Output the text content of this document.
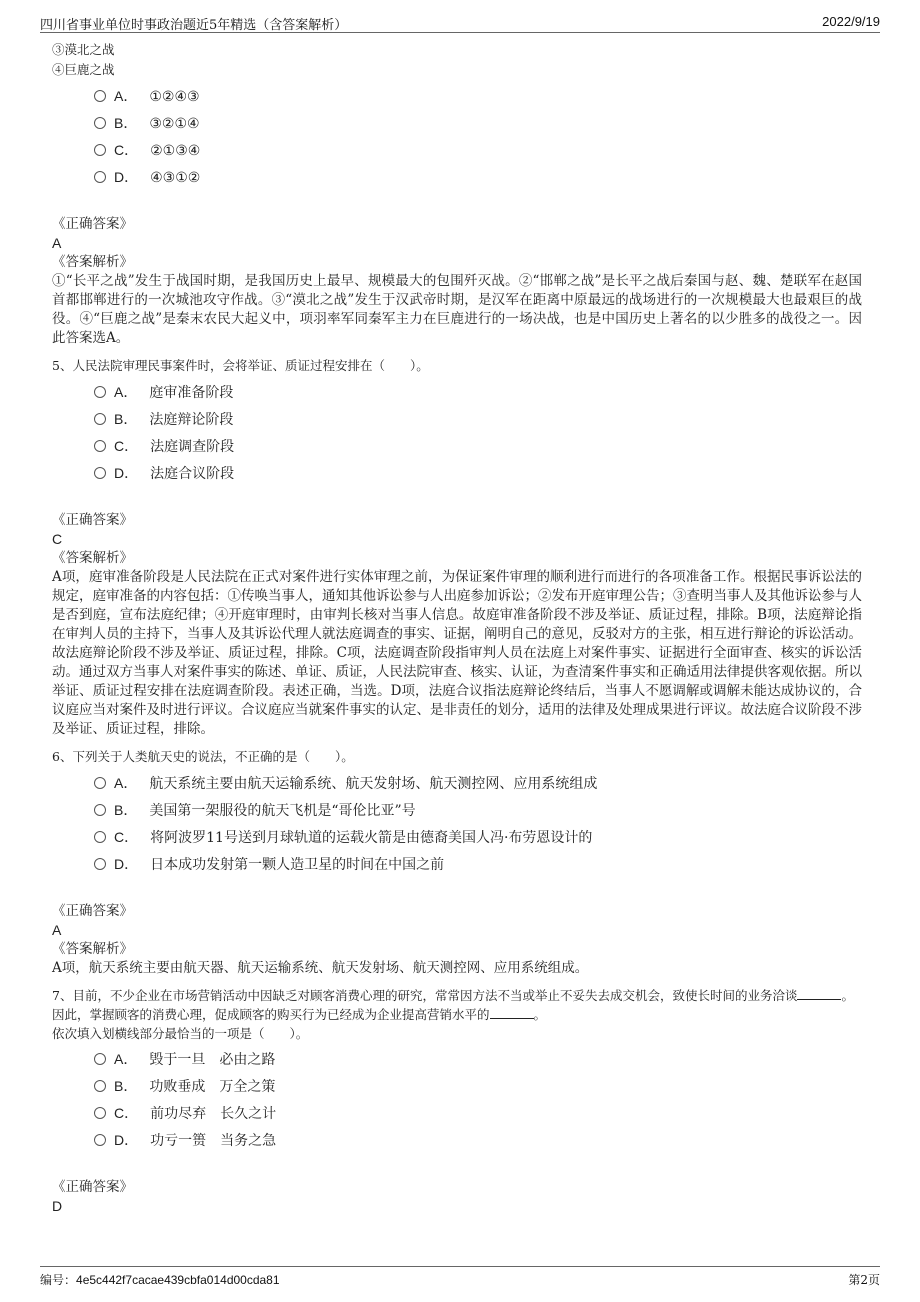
四川省事业单位时事政治题近5年精选（含答案解析）	2022/9/19
③漠北之战
④巨鹿之战
A． ①②④③
B． ③②①④
C． ②①③④
D． ④③①②
《正确答案》
A
《答案解析》
①“长平之战”发生于战国时期，是我国历史上最早、规模最大的包围歼灭战。②“邯郸之战”是长平之战后秦国与赵、魏、楚联军在赵国首都邯郸进行的一次城池攻守作战。③“漠北之战”发生于汉武帝时期，是汉军在距离中原最远的战场进行的一次规模最大也最艰巨的战役。④“巨鹿之战”是秦末农民大起义中，项羽率军同秦军主力在巨鹿进行的一场决战，也是中国历史上著名的以少胜多的战役之一。因此答案选A。
5、人民法院审理民事案件时，会将举证、质证过程安排在（　　）。
A． 庭审准备阶段
B． 法庭辩论阶段
C． 法庭调查阶段
D． 法庭合议阶段
《正确答案》
C
《答案解析》
A项，庭审准备阶段是人民法院在正式对案件进行实体审理之前，为保证案件审理的顺利进行而进行的各项准备工作。根据民事诉讼法的规定，庭审准备的内容包括：①传唤当事人，通知其他诉讼参与人出庭参加诉讼；②发布开庭审理公告；③查明当事人及其他诉讼参与人是否到庭，宣布法庭纪律；④开庭审理时，由审判长核对当事人信息。故庭审准备阶段不涉及举证、质证过程，排除。B项，法庭辩论指在审判人员的主持下，当事人及其诉讼代理人就法庭调查的事实、证据，阐明自己的意见，反驳对方的主张，相互进行辩论的诉讼活动。故法庭辩论阶段不涉及举证、质证过程，排除。C项，法庭调查阶段指审判人员在法庭上对案件事实、证据进行全面审查、核实的诉讼活动。通过双方当事人对案件事实的陈述、单证、质证，人民法院审查、核实、认证，为查清案件事实和正确适用法律提供客观依据。所以举证、质证过程安排在法庭调查阶段。表述正确，当选。D项，法庭合议指法庭辩论终结后，当事人不愿调解或调解未能达成协议的，合议庭应当对案件及时进行评议。合议庭应当就案件事实的认定、是非责任的划分，适用的法律及处理成果进行评议。故法庭合议阶段不涉及举证、质证过程，排除。
6、下列关于人类航天史的说法，不正确的是（　　）。
A． 航天系统主要由航天运输系统、航天发射场、航天测控网、应用系统组成
B． 美国第一架服役的航天飞机是“哥伦比亚”号
C． 将阿波罗11号送到月球轨道的运载火箭是由德裔美国人冯·布劳恩设计的
D． 日本成功发射第一颗人造卫星的时间在中国之前
《正确答案》
A
《答案解析》
A项，航天系统主要由航天器、航天运输系统、航天发射场、航天测控网、应用系统组成。
7、目前，不少企业在市场营销活动中因缺乏对顾客消费心理的研究，常常因方法不当或举止不妥失去成交机会，致使长时间的业务洽谈	。因此，掌握顾客的消费心理，促成顾客的购买行为已经成为企业提高营销水平的	。
依次填入划横线部分最恰当的一项是（　　）。
A． 毁于一旦　必由之路
B． 功败垂成　万全之策
C． 前功尽弃　长久之计
D． 功亏一篑　当务之急
《正确答案》
D
编号：4e5c442f7cacae439cbfa014d00cda81	第2页
